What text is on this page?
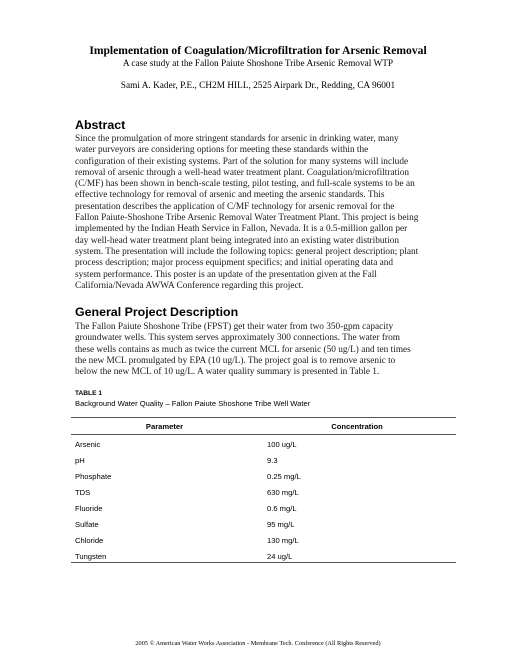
Implementation of Coagulation/Microfiltration for Arsenic Removal
A case study at the Fallon Paiute Shoshone Tribe Arsenic Removal WTP
Sami A. Kader, P.E., CH2M HILL, 2525 Airpark Dr., Redding, CA 96001
Abstract
Since the promulgation of more stringent standards for arsenic in drinking water, many
water purveyors are considering options for meeting these standards within the
configuration of their existing systems. Part of the solution for many systems will include
removal of arsenic through a well-head water treatment plant. Coagulation/microfiltration
(C/MF) has been shown in bench-scale testing, pilot testing, and full-scale systems to be an
effective technology for removal of arsenic and meeting the arsenic standards. This
presentation describes the application of C/MF technology for arsenic removal for the
Fallon Paiute-Shoshone Tribe Arsenic Removal Water Treatment Plant. This project is being
implemented by the Indian Heath Service in Fallon, Nevada. It is a 0.5-million gallon per
day well-head water treatment plant being integrated into an existing water distribution
system. The presentation will include the following topics: general project description; plant
process description; major process equipment specifics; and initial operating data and
system performance. This poster is an update of the presentation given at the Fall
California/Nevada AWWA Conference regarding this project.
General Project Description
The Fallon Paiute Shoshone Tribe (FPST) get their water from two 350-gpm capacity
groundwater wells. This system serves approximately 300 connections. The water from
these wells contains as much as twice the current MCL for arsenic (50 ug/L) and ten times
the new MCL promulgated by EPA (10 ug/L). The project goal is to remove arsenic to
below the new MCL of 10 ug/L. A water quality summary is presented in Table 1.
TABLE 1
Background Water Quality – Fallon Paiute Shoshone Tribe Well Water
Parameter	Concentration
Arsenic	100 ug/L
pH	9.3
Phosphate	0.25 mg/L
TDS	630 mg/L
Fluoride	0.6 mg/L
Sulfate	95 mg/L
Chloride	130 mg/L
Tungsten	24 ug/L
2005 © American Water Works Association - Membrane Tech. Conference (All Rights Reserved)
